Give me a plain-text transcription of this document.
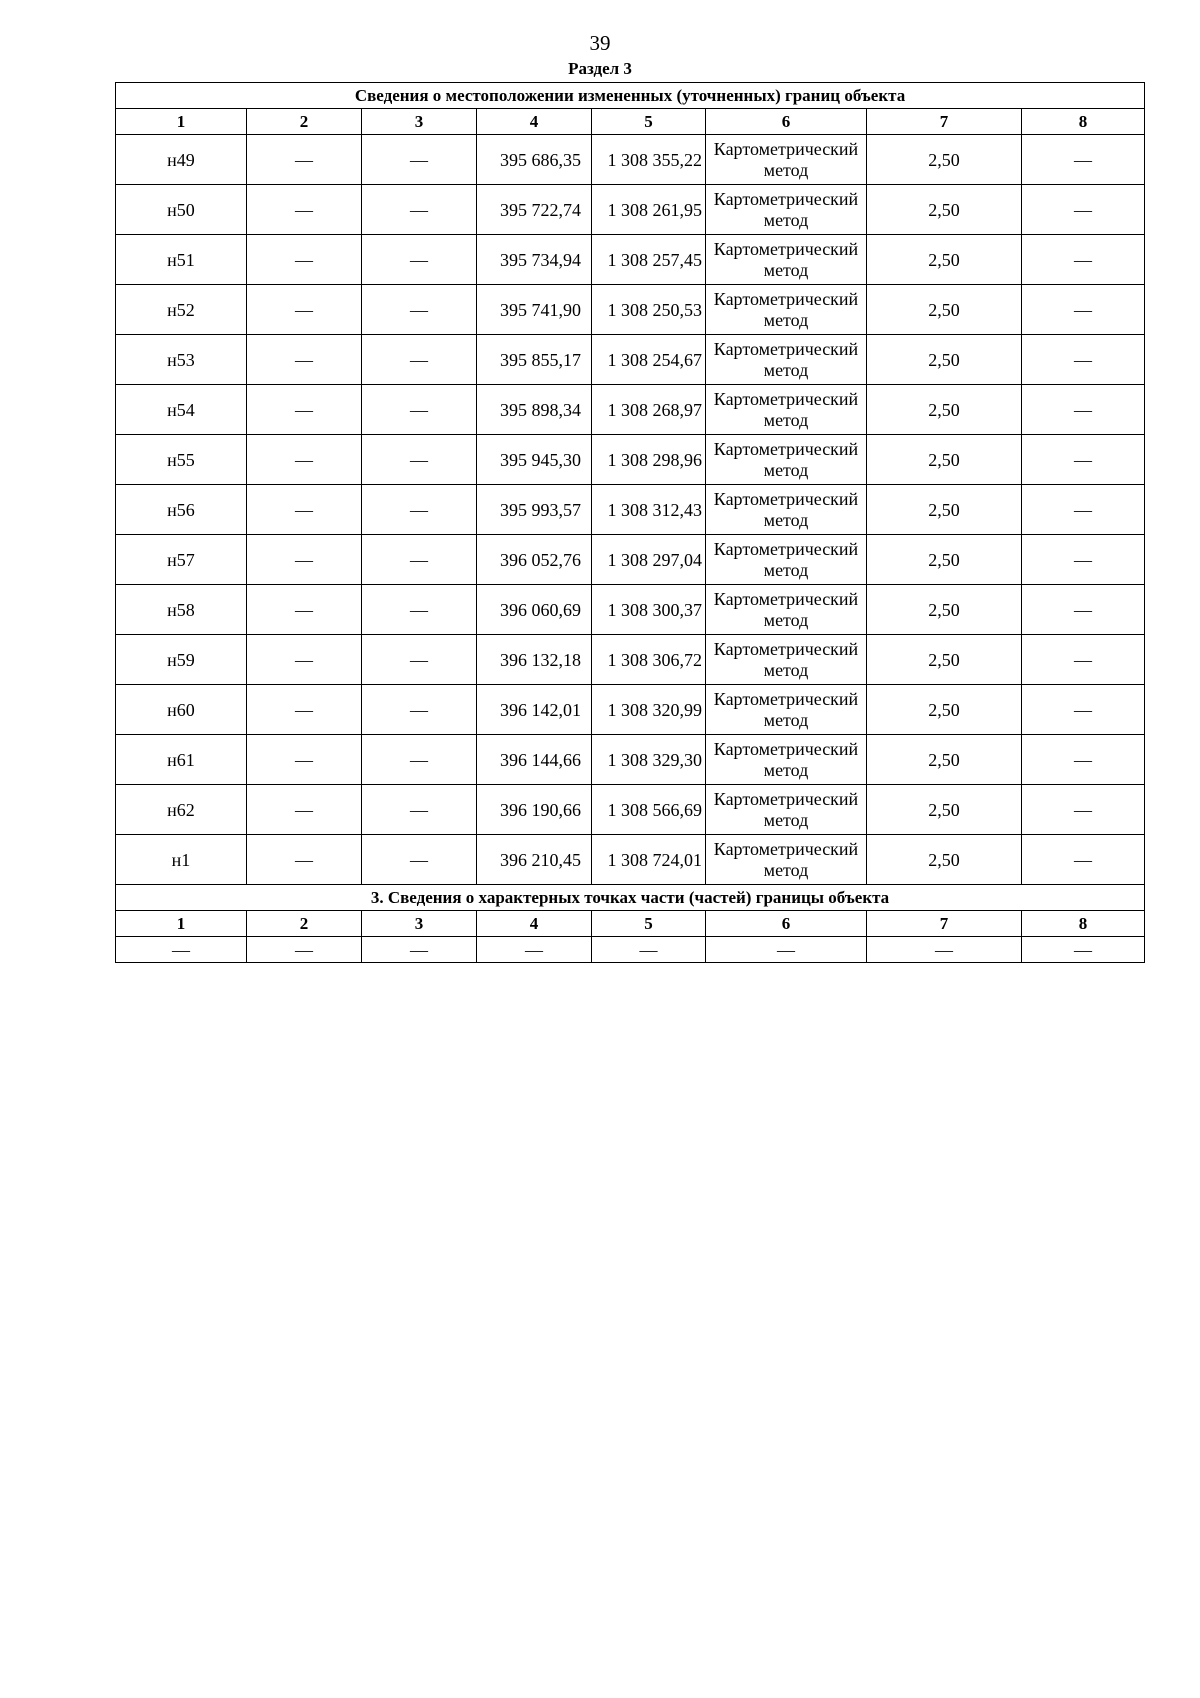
39
Раздел 3
Сведения о местоположении измененных (уточненных) границ объекта							
1	2	3	4	5	6	7	8
н49	—	—	395 686,35	1 308 355,22	Картометрический метод	2,50	—
н50	—	—	395 722,74	1 308 261,95	Картометрический метод	2,50	—
н51	—	—	395 734,94	1 308 257,45	Картометрический метод	2,50	—
н52	—	—	395 741,90	1 308 250,53	Картометрический метод	2,50	—
н53	—	—	395 855,17	1 308 254,67	Картометрический метод	2,50	—
н54	—	—	395 898,34	1 308 268,97	Картометрический метод	2,50	—
н55	—	—	395 945,30	1 308 298,96	Картометрический метод	2,50	—
н56	—	—	395 993,57	1 308 312,43	Картометрический метод	2,50	—
н57	—	—	396 052,76	1 308 297,04	Картометрический метод	2,50	—
н58	—	—	396 060,69	1 308 300,37	Картометрический метод	2,50	—
н59	—	—	396 132,18	1 308 306,72	Картометрический метод	2,50	—
н60	—	—	396 142,01	1 308 320,99	Картометрический метод	2,50	—
н61	—	—	396 144,66	1 308 329,30	Картометрический метод	2,50	—
н62	—	—	396 190,66	1 308 566,69	Картометрический метод	2,50	—
н1	—	—	396 210,45	1 308 724,01	Картометрический метод	2,50	—
3. Сведения о характерных точках части (частей) границы объекта							
1	2	3	4	5	6	7	8
—	—	—	—	—	—	—	—
